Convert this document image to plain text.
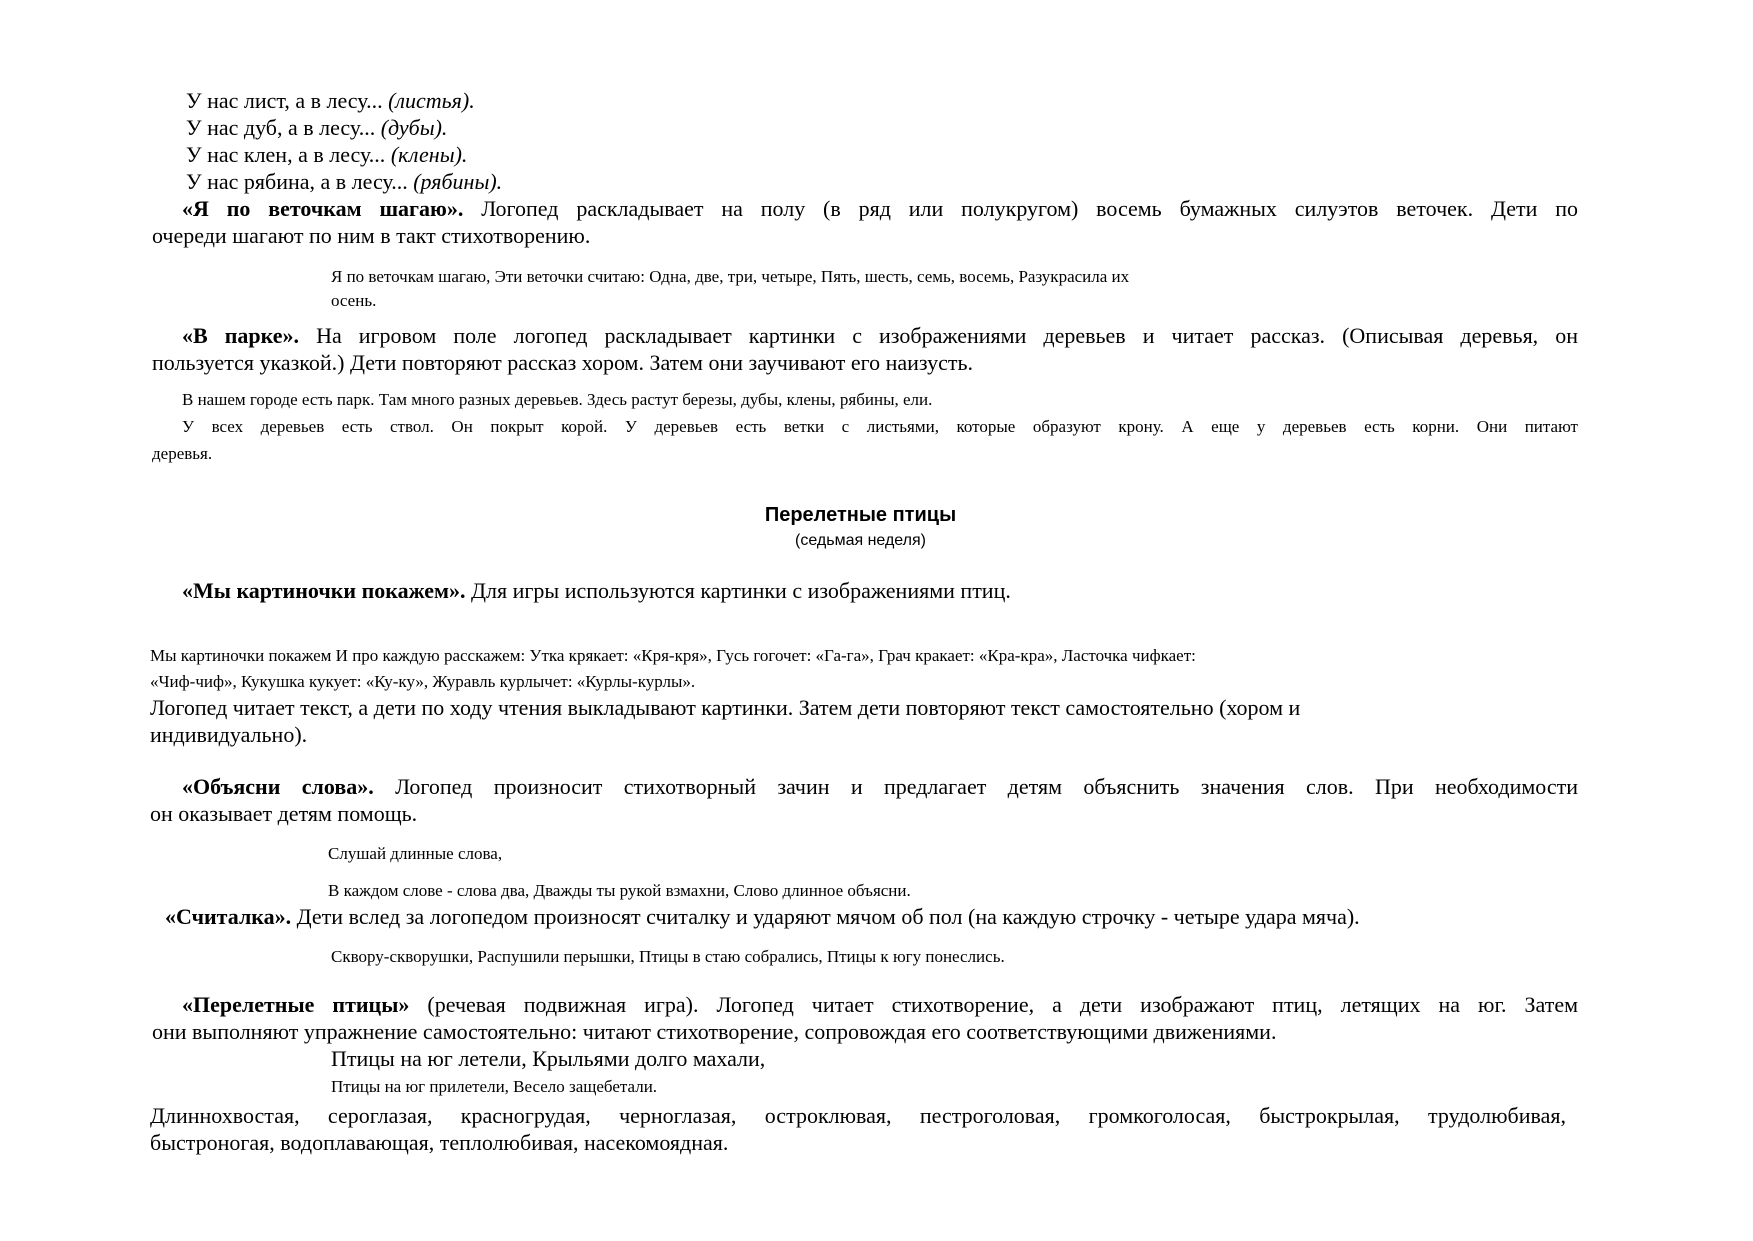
У нас лист, а в лесу... (листья).
У нас дуб, а в лесу... (дубы).
У нас клен, а в лесу... (клены).
У нас рябина, а в лесу... (рябины).
«Я по веточкам шагаю». Логопед раскладывает на полу (в ряд или полукругом) восемь бумажных силуэтов веточек. Дети по
очереди шагают по ним в такт стихотворению.
Я по веточкам шагаю, Эти веточки считаю: Одна, две, три, четыре, Пять, шесть, семь, восемь, Разукрасила их
осень.
«В парке». На игровом поле логопед раскладывает картинки с изображениями деревьев и читает рассказ. (Описывая деревья, он
пользуется указкой.) Дети повторяют рассказ хором. Затем они заучивают его наизусть.
В нашем городе есть парк. Там много разных деревьев. Здесь растут березы, дубы, клены, рябины, ели.
У всех деревьев есть ствол. Он покрыт корой. У деревьев есть ветки с листьями, которые образуют крону. А еще у деревьев есть корни. Они питают
деревья.
Перелетные птицы
(седьмая неделя)
«Мы картиночки покажем». Для игры используются картинки с изображениями птиц.
Мы картиночки покажем И про каждую расскажем: Утка крякает: «Кря-кря», Гусь гогочет: «Га-га», Грач кракает: «Кра-кра», Ласточка чифкает:
«Чиф-чиф», Кукушка кукует: «Ку-ку», Журавль курлычет: «Курлы-курлы».
Логопед читает текст, а дети по ходу чтения выкладывают картинки. Затем дети повторяют текст самостоятельно (хором и
индивидуально).
«Объясни слова». Логопед произносит стихотворный зачин и предлагает детям объяснить значения слов. При необходимости
он оказывает детям помощь.
Слушай длинные слова,
В каждом слове - слова два, Дважды ты рукой взмахни, Слово длинное объясни.
«Считалка». Дети вслед за логопедом произносят считалку и ударяют мячом об пол (на каждую строчку - четыре удара мяча).
Сквору-скворушки, Распушили перышки, Птицы в стаю собрались, Птицы к югу понеслись.
«Перелетные птицы» (речевая подвижная игра). Логопед читает стихотворение, а дети изображают птиц, летящих на юг. Затем
они выполняют упражнение самостоятельно: читают стихотворение, сопровождая его соответствующими движениями.
Птицы на юг летели, Крыльями долго махали,
Птицы на юг прилетели, Весело защебетали.
Длиннохвостая, сероглазая, красногрудая, черноглазая, остроклювая, пестроголовая, громкоголосая, быстрокрылая, трудолюбивая,
быстроногая, водоплавающая, теплолюбивая, насекомоядная.
